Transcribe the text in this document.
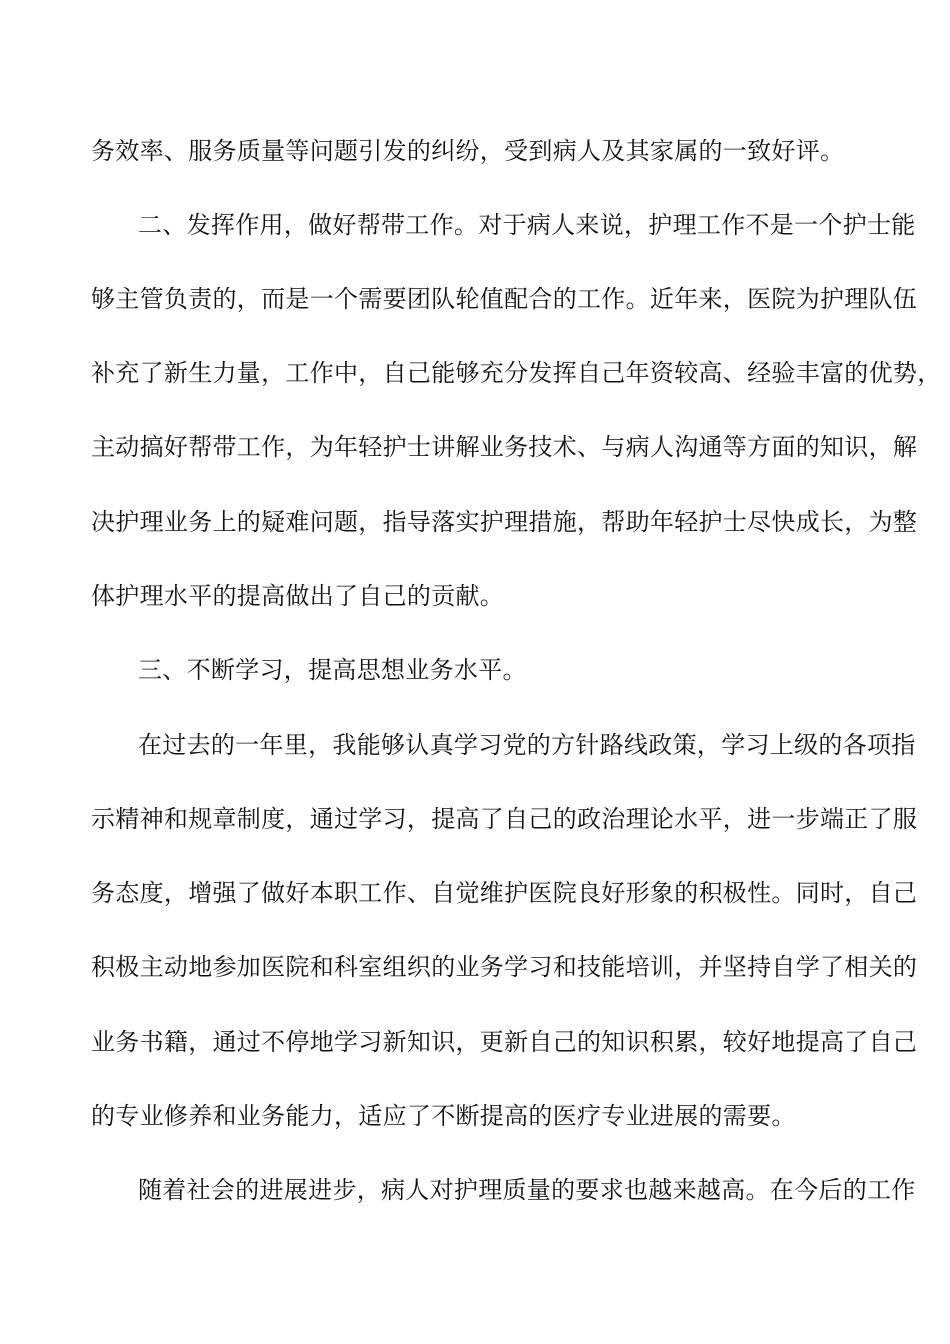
务效率、服务质量等问题引发的纠纷，受到病人及其家属的一致好评。
二、发挥作用，做好帮带工作。对于病人来说，护理工作不是一个护士能
够主管负责的，而是一个需要团队轮值配合的工作。近年来，医院为护理队伍
补充了新生力量，工作中，自己能够充分发挥自己年资较高、经验丰富的优势，
主动搞好帮带工作，为年轻护士讲解业务技术、与病人沟通等方面的知识，解
决护理业务上的疑难问题，指导落实护理措施，帮助年轻护士尽快成长，为整
体护理水平的提高做出了自己的贡献。
三、不断学习，提高思想业务水平。
在过去的一年里，我能够认真学习党的方针路线政策，学习上级的各项指
示精神和规章制度，通过学习，提高了自己的政治理论水平，进一步端正了服
务态度，增强了做好本职工作、自觉维护医院良好形象的积极性。同时，自己
积极主动地参加医院和科室组织的业务学习和技能培训，并坚持自学了相关的
业务书籍，通过不停地学习新知识，更新自己的知识积累，较好地提高了自己
的专业修养和业务能力，适应了不断提高的医疗专业进展的需要。
随着社会的进展进步，病人对护理质量的要求也越来越高。在今后的工作
